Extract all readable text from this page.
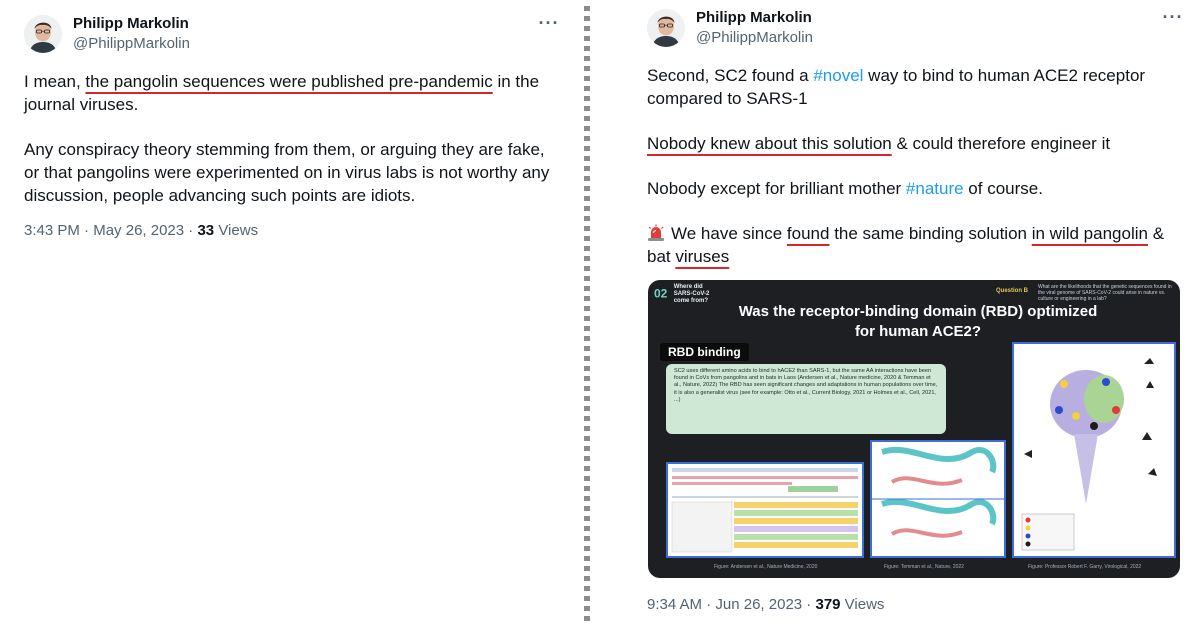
Philipp Markolin
@PhilippMarkolin
···
I mean, the pangolin sequences were published pre-pandemic in the journal viruses.
Any conspiracy theory stemming from them, or arguing they are fake, or that pangolins were experimented on in virus labs is not worthy any discussion, people advancing such points are idiots.
3:43 PM · May 26, 2023 · 33 Views
Philipp Markolin
@PhilippMarkolin
···
Second, SC2 found a #novel way to bind to human ACE2 receptor compared to SARS-1
Nobody knew about this solution & could therefore engineer it
Nobody except for brilliant mother #nature of course.
We have since found the same binding solution in wild pangolin & bat viruses
02 Where did SARS-CoV-2 come from?
Question B
What are the likelihoods that the genetic sequences found in the viral genome of SARS-CoV-2 could arise in nature vs. culture or engineering in a lab?
Was the receptor-binding domain (RBD) optimized for human ACE2?
RBD binding
SC2 uses different amino acids to bind to hACE2 than SARS-1, but the same AA interactions have been found in CoVs from pangolins and in bats in Laos (Andersen et al., Nature medicine, 2020 & Temman et al., Nature, 2022) The RBD has seen significant changes and adaptations in human populations over time, it is also a generalist virus (see for example: Otto et al., Current Biology, 2021 or Holmes et al., Cell, 2021, ...)
Figure: Andersen et al., Nature Medicine, 2020	Figure: Temman et al., Nature, 2022	Figure: Professor Robert F. Garry, Virological, 2022
9:34 AM · Jun 26, 2023 · 379 Views
